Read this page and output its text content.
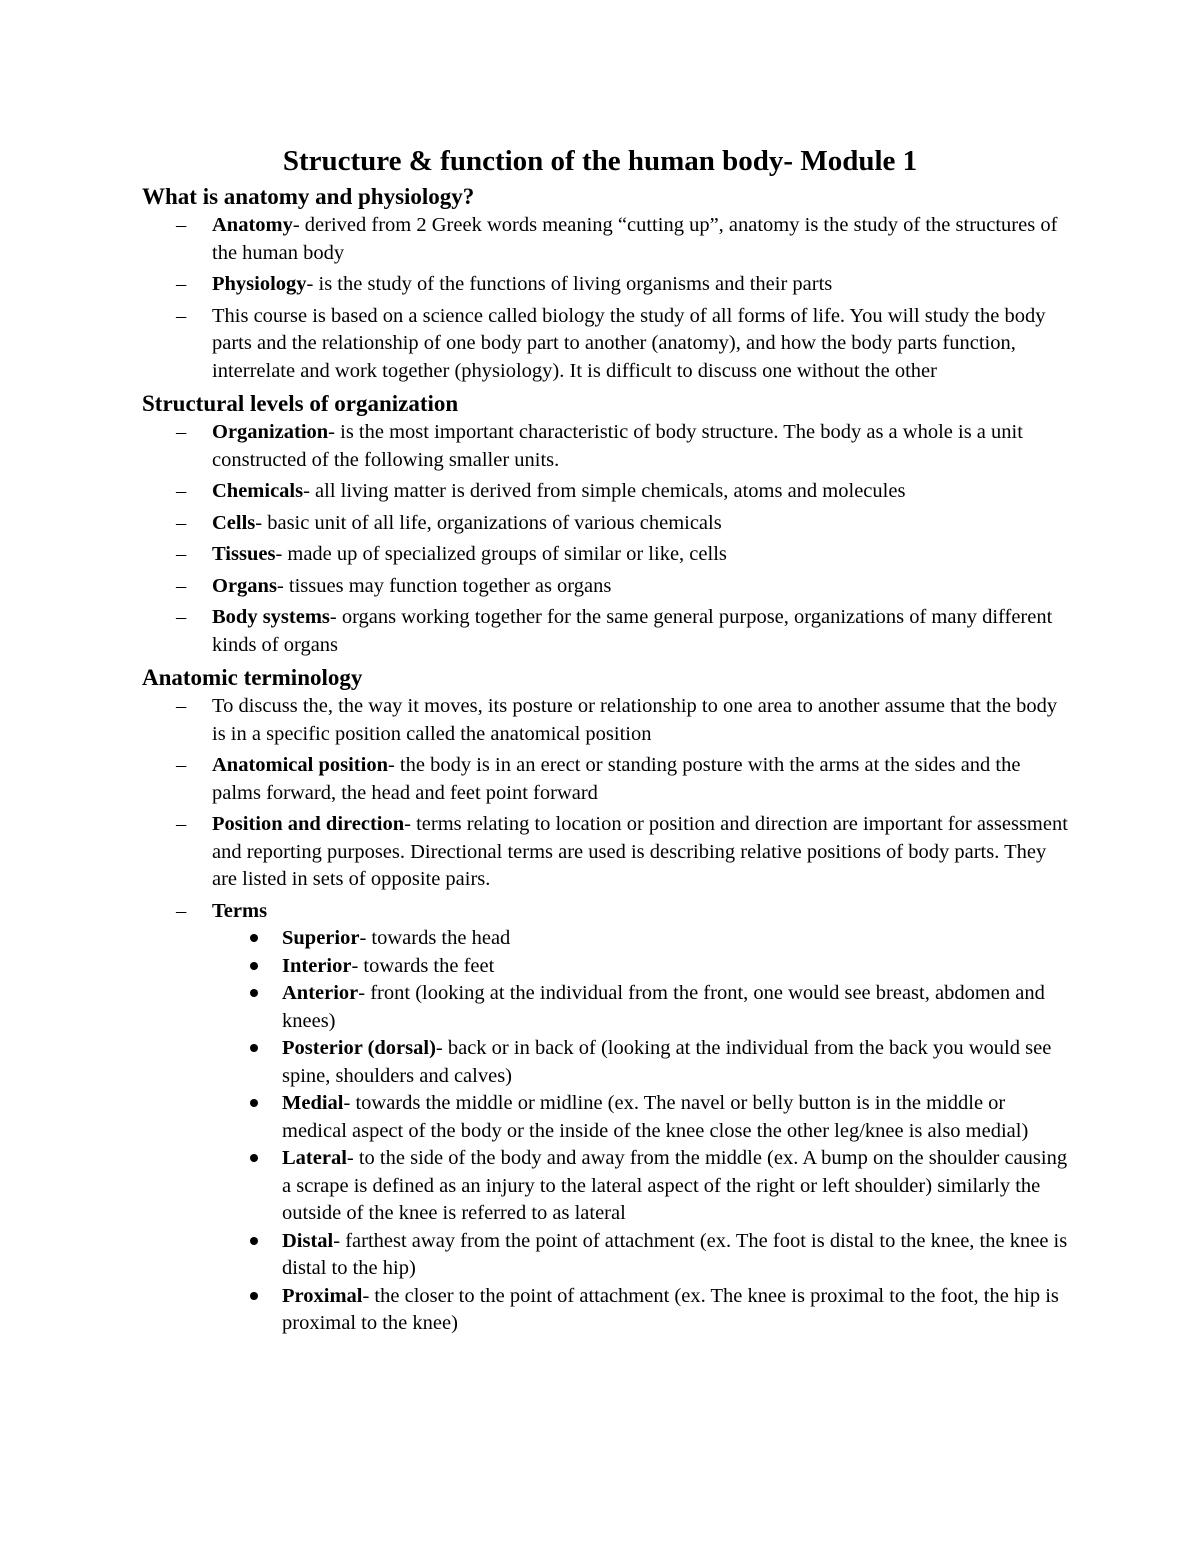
Structure & function of the human body- Module 1
What is anatomy and physiology?
– Anatomy- derived from 2 Greek words meaning “cutting up”, anatomy is the study of the structures of the human body
– Physiology- is the study of the functions of living organisms and their parts
– This course is based on a science called biology the study of all forms of life. You will study the body parts and the relationship of one body part to another (anatomy), and how the body parts function, interrelate and work together (physiology). It is difficult to discuss one without the other
Structural levels of organization
– Organization- is the most important characteristic of body structure. The body as a whole is a unit constructed of the following smaller units.
– Chemicals- all living matter is derived from simple chemicals, atoms and molecules
– Cells- basic unit of all life, organizations of various chemicals
– Tissues- made up of specialized groups of similar or like, cells
– Organs- tissues may function together as organs
– Body systems- organs working together for the same general purpose, organizations of many different kinds of organs
Anatomic terminology
– To discuss the, the way it moves, its posture or relationship to one area to another assume that the body is in a specific position called the anatomical position
– Anatomical position- the body is in an erect or standing posture with the arms at the sides and the palms forward, the head and feet point forward
– Position and direction- terms relating to location or position and direction are important for assessment and reporting purposes. Directional terms are used is describing relative positions of body parts. They are listed in sets of opposite pairs.
– Terms
Superior- towards the head
Interior- towards the feet
Anterior- front (looking at the individual from the front, one would see breast, abdomen and knees)
Posterior (dorsal)- back or in back of (looking at the individual from the back you would see spine, shoulders and calves)
Medial- towards the middle or midline (ex. The navel or belly button is in the middle or medical aspect of the body or the inside of the knee close the other leg/knee is also medial)
Lateral- to the side of the body and away from the middle (ex. A bump on the shoulder causing a scrape is defined as an injury to the lateral aspect of the right or left shoulder) similarly the outside of the knee is referred to as lateral
Distal- farthest away from the point of attachment (ex. The foot is distal to the knee, the knee is distal to the hip)
Proximal- the closer to the point of attachment (ex. The knee is proximal to the foot, the hip is proximal to the knee)
